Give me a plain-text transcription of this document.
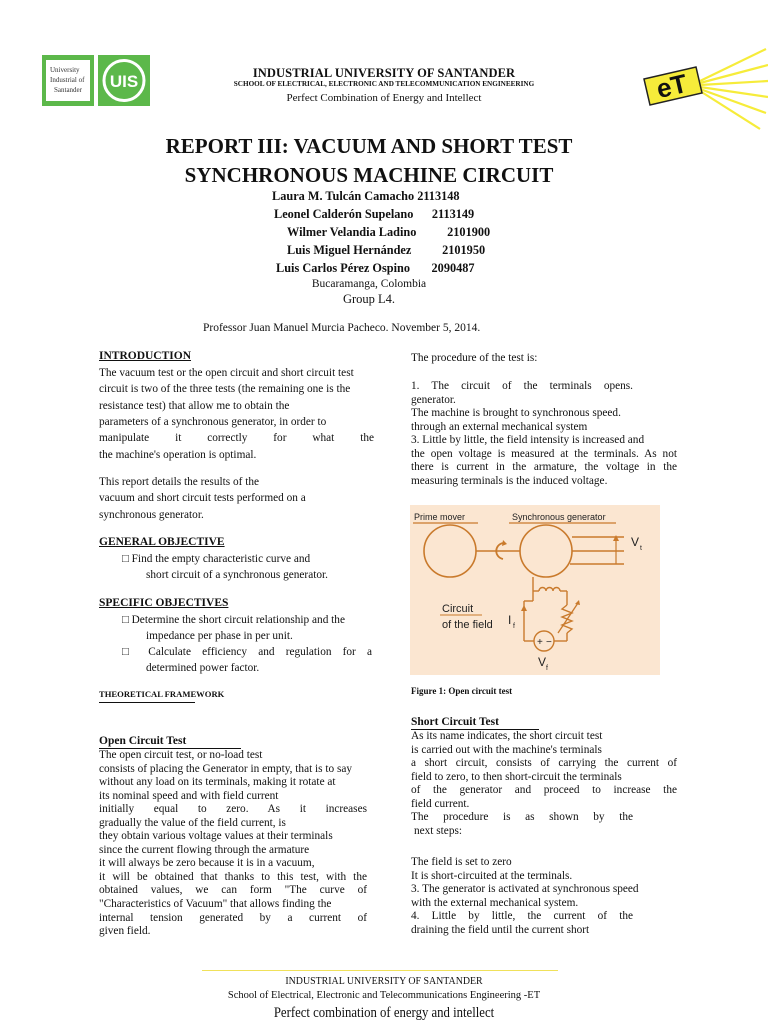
University
Industrial of
Santander UIS	eT
INDUSTRIAL UNIVERSITY OF SANTANDER
SCHOOL OF ELECTRICAL, ELECTRONIC AND TELECOMMUNICATION ENGINEERING
Perfect Combination of Energy and Intellect
REPORT III: VACUUM AND SHORT TEST
SYNCHRONOUS MACHINE CIRCUIT
Laura M. Tulcán Camacho 2113148
Leonel Calderón Supelano      2113149
Wilmer Velandia Ladino          2101900
Luis Miguel Hernández          2101950
Luis Carlos Pérez Ospino       2090487
Bucaramanga, Colombia
Group L4.
Professor Juan Manuel Murcia Pacheco. November 5, 2014.
INTRODUCTION
The vacuum test or the open circuit and short circuit test
circuit is two of the three tests (the remaining one is the
resistance test) that allow me to obtain the
parameters of a synchronous generator, in order to
manipulate it correctly for what the
the machine's operation is optimal.
This report details the results of the
vacuum and short circuit tests performed on a
synchronous generator.
GENERAL OBJECTIVE
□ Find the empty characteristic curve and
short circuit of a synchronous generator.
SPECIFIC OBJECTIVES
□ Determine the short circuit relationship and the
impedance per phase in per unit.
□ Calculate efficiency and regulation for a
determined power factor.
THEORETICAL FRAMEWORK
Open Circuit Test
The open circuit test, or no-load test
consists of placing the Generator in empty, that is to say
without any load on its terminals, making it rotate at
its nominal speed and with field current
initially equal to zero. As it increases
gradually the value of the field current, is
they obtain various voltage values at their terminals
since the current flowing through the armature
it will always be zero because it is in a vacuum,
it will be obtained that thanks to this test, with the
obtained values, we can form "The curve of
"Characteristics of Vacuum" that allows finding the
internal tension generated by a current of
given field.
The procedure of the test is:
1. The circuit of the terminals opens.
generator.
The machine is brought to synchronous speed.
through an external mechanical system
3. Little by little, the field intensity is increased and
the open voltage is measured at the terminals. As not
there is current in the armature, the voltage in the
measuring terminals is the induced voltage.
Prime mover	Synchronous generator
V t
+ −
I f
V f
Circuit
of the field
Figure 1: Open circuit test
Short Circuit Test
As its name indicates, the short circuit test
is carried out with the machine's terminals
a short circuit, consists of carrying the current of
field to zero, to then short-circuit the terminals
of the generator and proceed to increase the
field current.
The procedure is as shown by the
next steps:
The field is set to zero
It is short-circuited at the terminals.
3. The generator is activated at synchronous speed
with the external mechanical system.
4. Little by little, the current of the
draining the field until the current short
INDUSTRIAL UNIVERSITY OF SANTANDER
School of Electrical, Electronic and Telecommunications Engineering -ET
Perfect combination of energy and intellect
